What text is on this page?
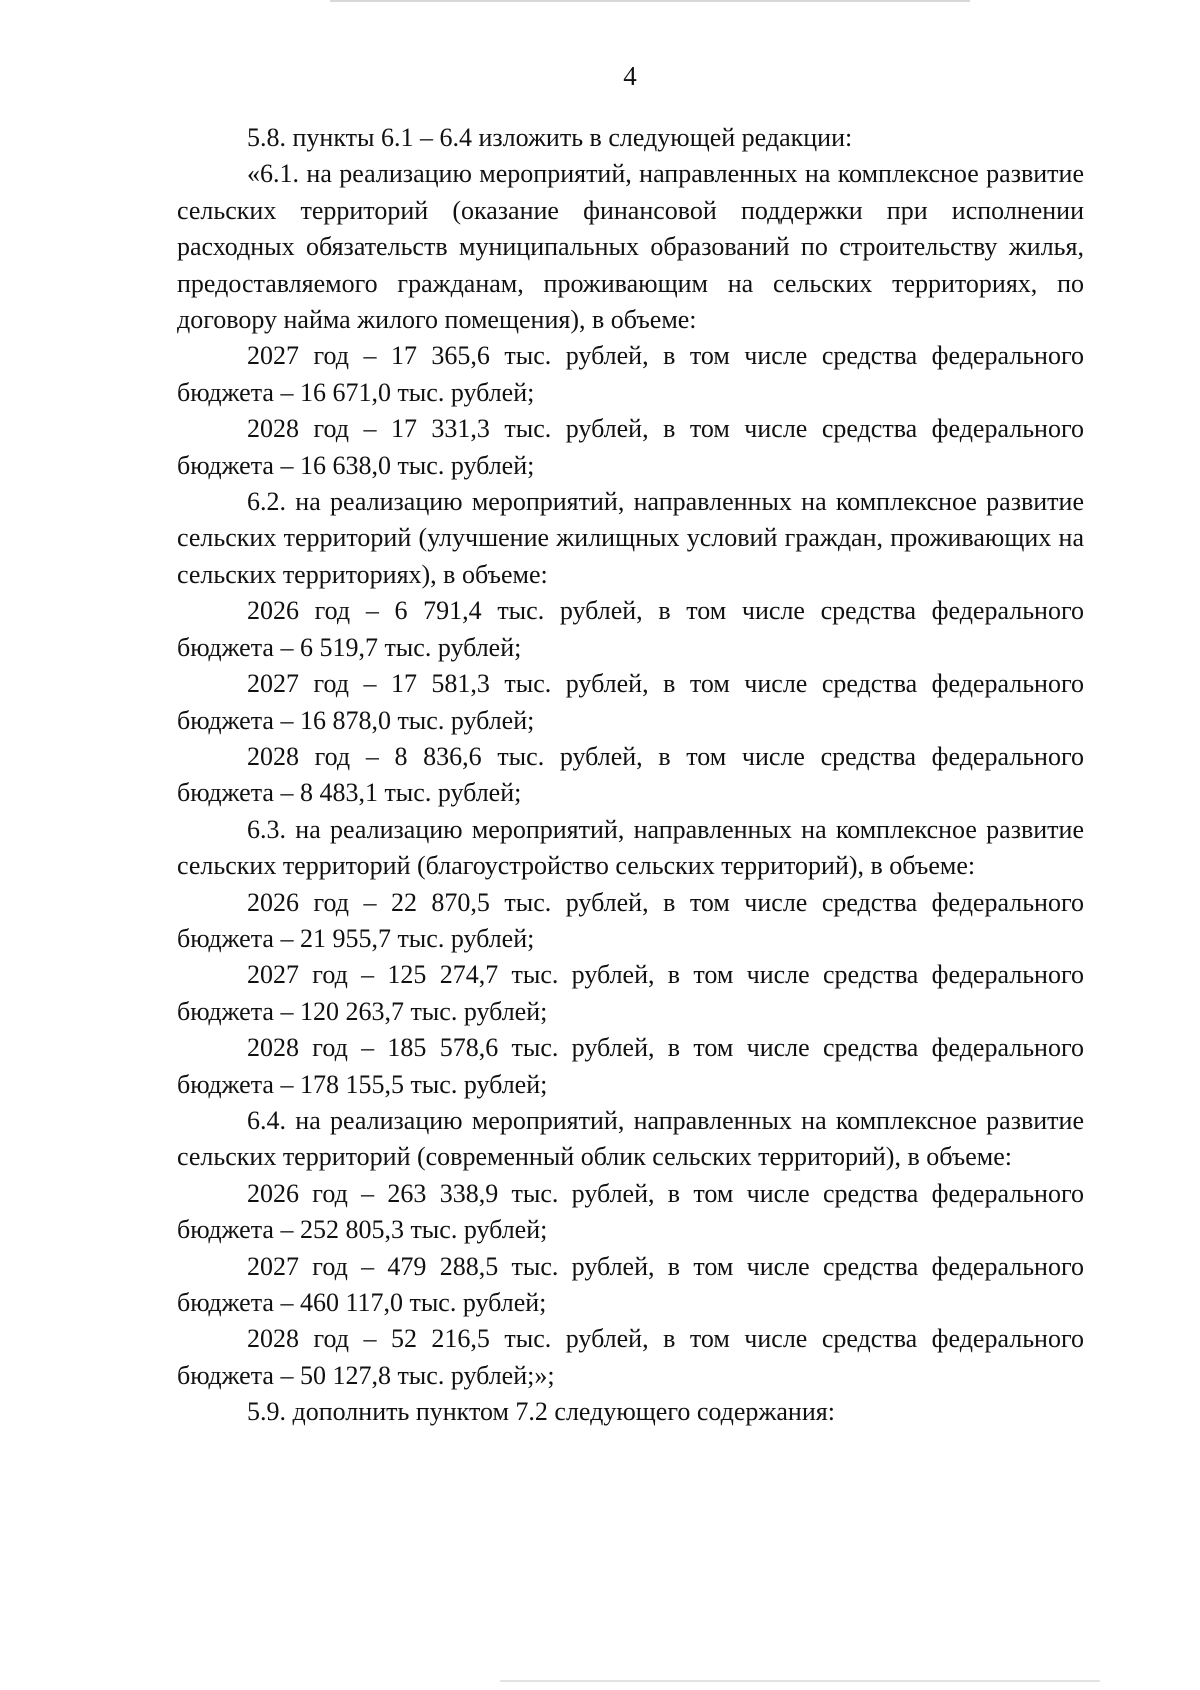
4

5.8. пункты 6.1 – 6.4 изложить в следующей редакции:

«6.1. на реализацию мероприятий, направленных на комплексное развитие сельских территорий (оказание финансовой поддержки при исполнении расходных обязательств муниципальных образований по строительству жилья, предоставляемого гражданам, проживающим на сельских территориях, по договору найма жилого помещения), в объеме:

2027 год – 17 365,6 тыс. рублей, в том числе средства федерального бюджета – 16 671,0 тыс. рублей;

2028 год – 17 331,3 тыс. рублей, в том числе средства федерального бюджета – 16 638,0 тыс. рублей;

6.2. на реализацию мероприятий, направленных на комплексное развитие сельских территорий (улучшение жилищных условий граждан, проживающих на сельских территориях), в объеме:

2026 год – 6 791,4 тыс. рублей, в том числе средства федерального бюджета – 6 519,7 тыс. рублей;

2027 год – 17 581,3 тыс. рублей, в том числе средства федерального бюджета – 16 878,0 тыс. рублей;

2028 год – 8 836,6 тыс. рублей, в том числе средства федерального бюджета – 8 483,1 тыс. рублей;

6.3. на реализацию мероприятий, направленных на комплексное развитие сельских территорий (благоустройство сельских территорий), в объеме:

2026 год – 22 870,5 тыс. рублей, в том числе средства федерального бюджета – 21 955,7 тыс. рублей;

2027 год – 125 274,7 тыс. рублей, в том числе средства федерального бюджета – 120 263,7 тыс. рублей;

2028 год – 185 578,6 тыс. рублей, в том числе средства федерального бюджета – 178 155,5 тыс. рублей;

6.4. на реализацию мероприятий, направленных на комплексное развитие сельских территорий (современный облик сельских территорий), в объеме:

2026 год – 263 338,9 тыс. рублей, в том числе средства федерального бюджета – 252 805,3 тыс. рублей;

2027 год – 479 288,5 тыс. рублей, в том числе средства федерального бюджета – 460 117,0 тыс. рублей;

2028 год – 52 216,5 тыс. рублей, в том числе средства федерального бюджета – 50 127,8 тыс. рублей;»;

5.9. дополнить пунктом 7.2 следующего содержания:
